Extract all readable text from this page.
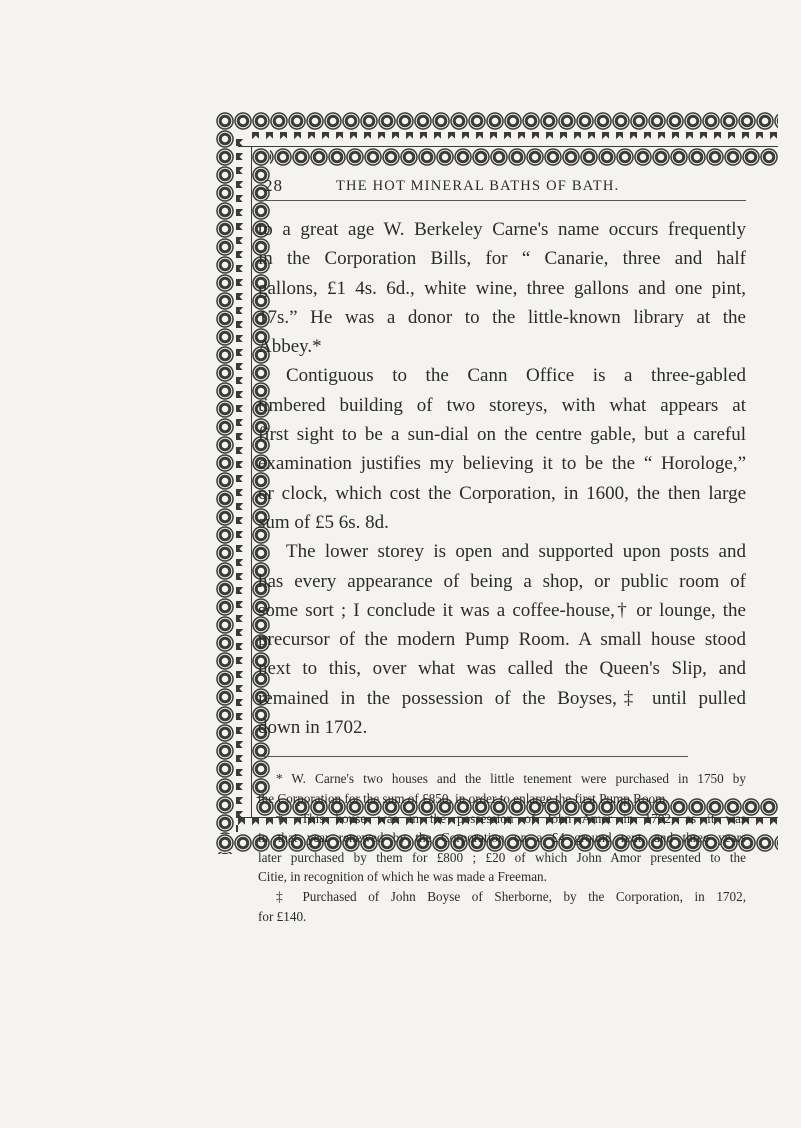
28	THE HOT MINERAL BATHS OF BATH.

to a great age W. Berkeley Carne's name occurs frequently
in the Corporation Bills, for “ Canarie, three and half
gallons, £1 4s. 6d., white wine, three gallons and one pint,
17s.” He was a donor to the little-known library at the
Abbey.*

Contiguous to the Cann Office is a three-gabled
timbered building of two storeys, with what appears at
first sight to be a sun-dial on the centre gable, but a careful
examination justifies my believing it to be the “ Horologe,”
or clock, which cost the Corporation, in 1600, the then large
sum of £5 6s. 8d.

The lower storey is open and supported upon posts and
has every appearance of being a shop, or public room of
some sort ; I conclude it was a coffee-house,† or lounge, the
precursor of the modern Pump Room. A small house stood
next to this, over what was called the Queen's Slip, and
remained in the possession of the Boyses,‡ until pulled
down in 1702.

* W. Carne's two houses and the little tenement were purchased in 1750 by
the Corporation for the sum of £850, in order to enlarge the first Pump Room.

† This house was in the possession of John Amor in 1702, as it was
in that year renewed by the Corporation on a £4 ground rent, and three years
later purchased by them for £800 ; £20 of which John Amor presented to the
Citie, in recognition of which he was made a Freeman.

‡ Purchased of John Boyse of Sherborne, by the Corporation, in 1702,
for £140.
